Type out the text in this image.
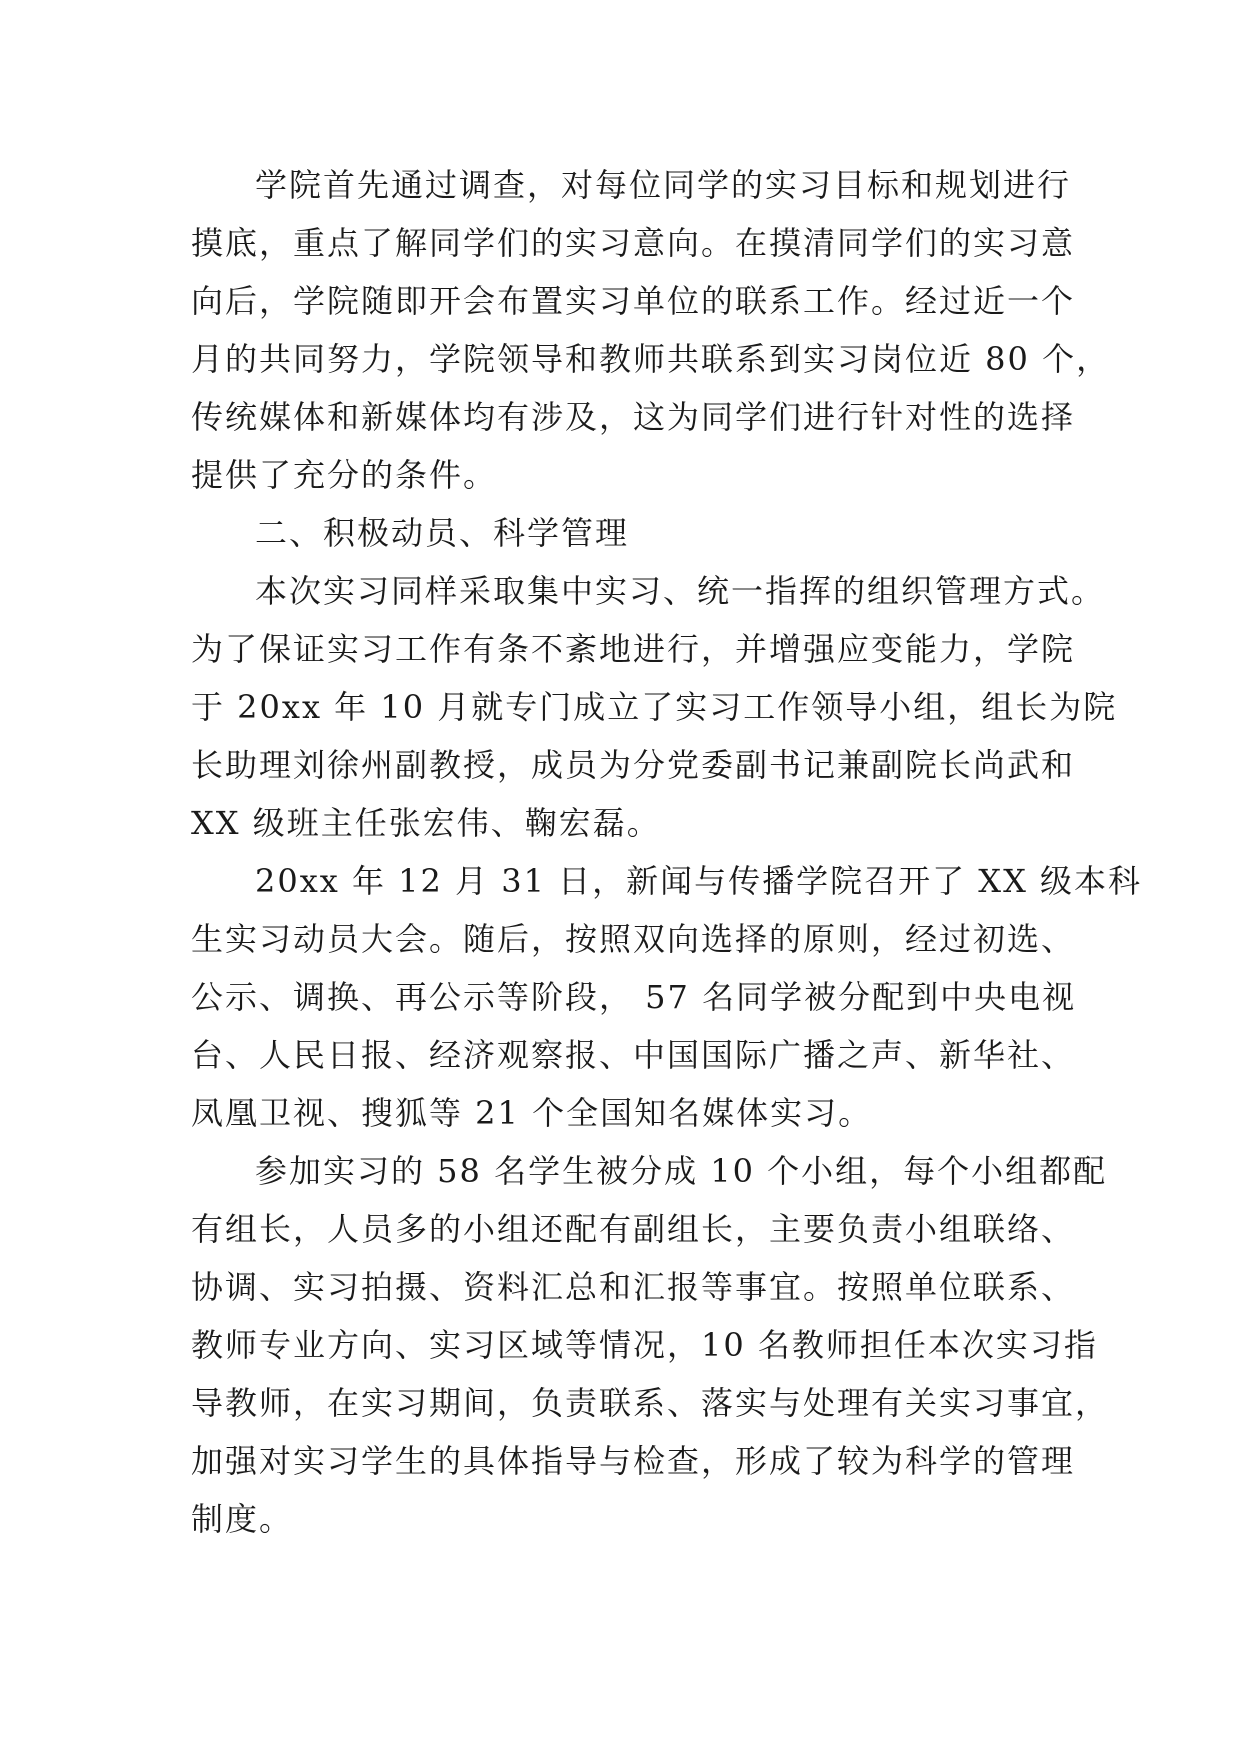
学院首先通过调查，对每位同学的实习目标和规划进行
摸底，重点了解同学们的实习意向。在摸清同学们的实习意
向后，学院随即开会布置实习单位的联系工作。经过近一个
月的共同努力，学院领导和教师共联系到实习岗位近 80 个，
传统媒体和新媒体均有涉及，这为同学们进行针对性的选择
提供了充分的条件。
二、积极动员、科学管理
本次实习同样采取集中实习、统一指挥的组织管理方式。
为了保证实习工作有条不紊地进行，并增强应变能力，学院
于 20xx 年 10 月就专门成立了实习工作领导小组，组长为院
长助理刘徐州副教授，成员为分党委副书记兼副院长尚武和
XX 级班主任张宏伟、鞠宏磊。
20xx 年 12 月 31 日，新闻与传播学院召开了 XX 级本科
生实习动员大会。随后，按照双向选择的原则，经过初选、
公示、调换、再公示等阶段， 57 名同学被分配到中央电视
台、人民日报、经济观察报、中国国际广播之声、新华社、
凤凰卫视、搜狐等 21 个全国知名媒体实习。
参加实习的 58 名学生被分成 10 个小组，每个小组都配
有组长，人员多的小组还配有副组长，主要负责小组联络、
协调、实习拍摄、资料汇总和汇报等事宜。按照单位联系、
教师专业方向、实习区域等情况，10 名教师担任本次实习指
导教师，在实习期间，负责联系、落实与处理有关实习事宜，
加强对实习学生的具体指导与检查，形成了较为科学的管理
制度。
